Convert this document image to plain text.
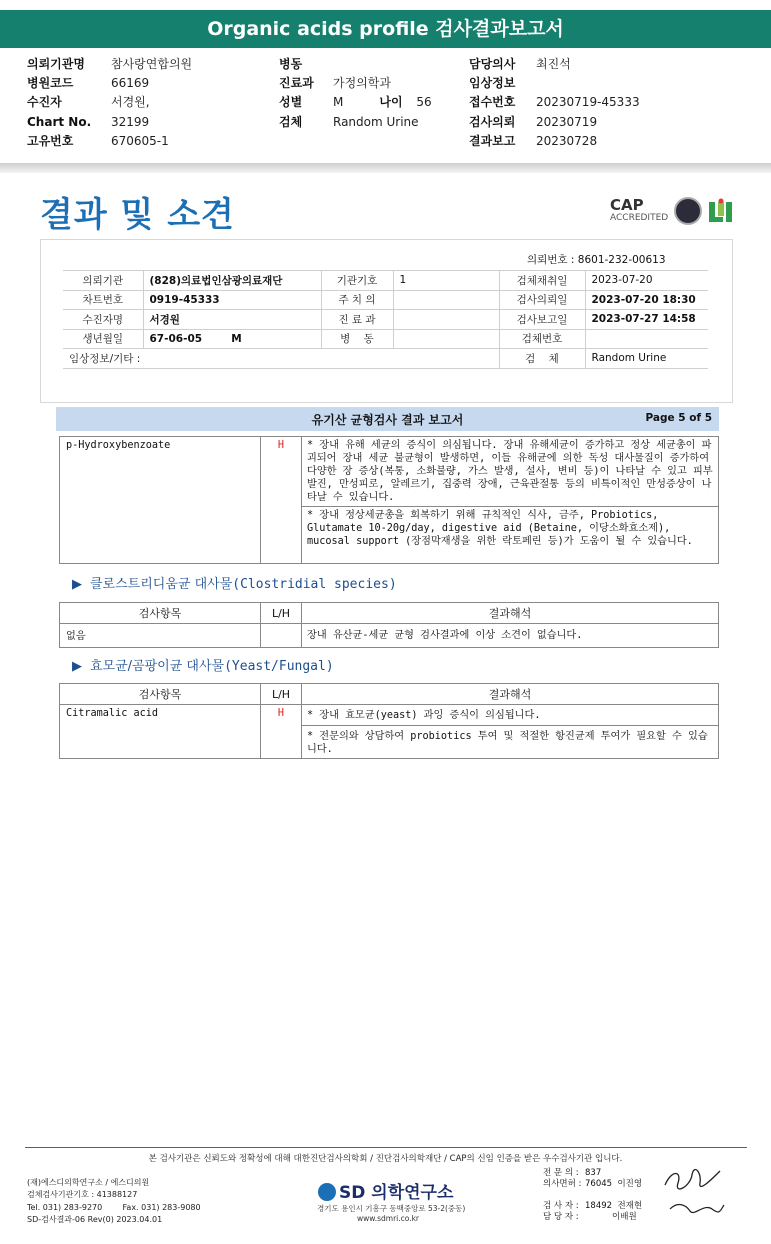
Organic acids profile 검사결과보고서
의뢰기관명	참사랑연합의원
병원코드	66169
수진자	서경원,
Chart No.	32199
고유번호	670605-1
병동
진료과	가정의학과
성별	M	나이	56
검체	Random Urine
담당의사	최진석
임상정보
접수번호	20230719-45333
검사의뢰	20230719
결과보고	20230728
결과 및 소견	CAP
ACCREDITED
의뢰번호 : 8601-232-00613
의뢰기관	(828)의료법인삼광의료재단	기관기호	1	검체채취일	2023-07-20
차트번호	0919-45333	주 치 의		검사의뢰일	2023-07-20 18:30
수진자명	서경원	진 료 과		검사보고일	2023-07-27 14:58
생년월일	67-06-05        M	병    동		검체번호	
임상정보/기타 :				검    체	Random Urine
유기산 균형검사 결과 보고서	Page 5 of 5
p-Hydroxybenzoate	H	* 장내 유해 세균의 증식이 의심됩니다. 장내 유해세균이 증가하고 정상 세균총이 파괴되어 장내 세균 불균형이 발생하면, 이들 유해균에 의한 독성 대사물질이 증가하여 다양한 장 증상(복통, 소화불량, 가스 발생, 설사, 변비 등)이 나타날 수 있고 피부발진, 만성피로, 알레르기, 집중력 장애, 근육관절통 등의 비특이적인 만성증상이 나타날 수 있습니다.
* 장내 정상세균총을 회복하기 위해 규칙적인 식사, 금주, Probiotics, Glutamate 10-20g/day, digestive aid (Betaine, 이당소화효소제), mucosal support (장점막재생을 위한 락토페린 등)가 도움이 될 수 있습니다.
▶ 클로스트리디움균 대사물(Clostridial species)
검사항목	L/H	결과해석
없음		장내 유산균-세균 균형 검사결과에 이상 소견이 없습니다.
▶ 효모균/곰팡이균 대사물(Yeast/Fungal)
검사항목	L/H	결과해석
Citramalic acid	H	* 장내 효모균(yeast) 과잉 증식이 의심됩니다.
		* 전문의와 상담하여 probiotics 투여 및 적절한 항진균제 투여가 필요할 수 있습니다.
본 검사기관은 신뢰도와 정확성에 대해 대한진단검사의학회 / 진단검사의학재단 / CAP의 신임 인증을 받은 우수검사기관 입니다.
(재)에스디의학연구소 / 에스디의원
검체검사기관기호 : 41388127
Tel. 031) 283-9270        Fax. 031) 283-9080
SD-검사결과-06 Rev(0) 2023.04.01
SD 의학연구소
경기도 용인시 기흥구 동백중앙로 53-2(중동)
www.sdmri.co.kr
전 문 의 : 837
의사면허 : 76045  이진영
검 사 자 : 18492  전재현
담 당 자 : 이배원
